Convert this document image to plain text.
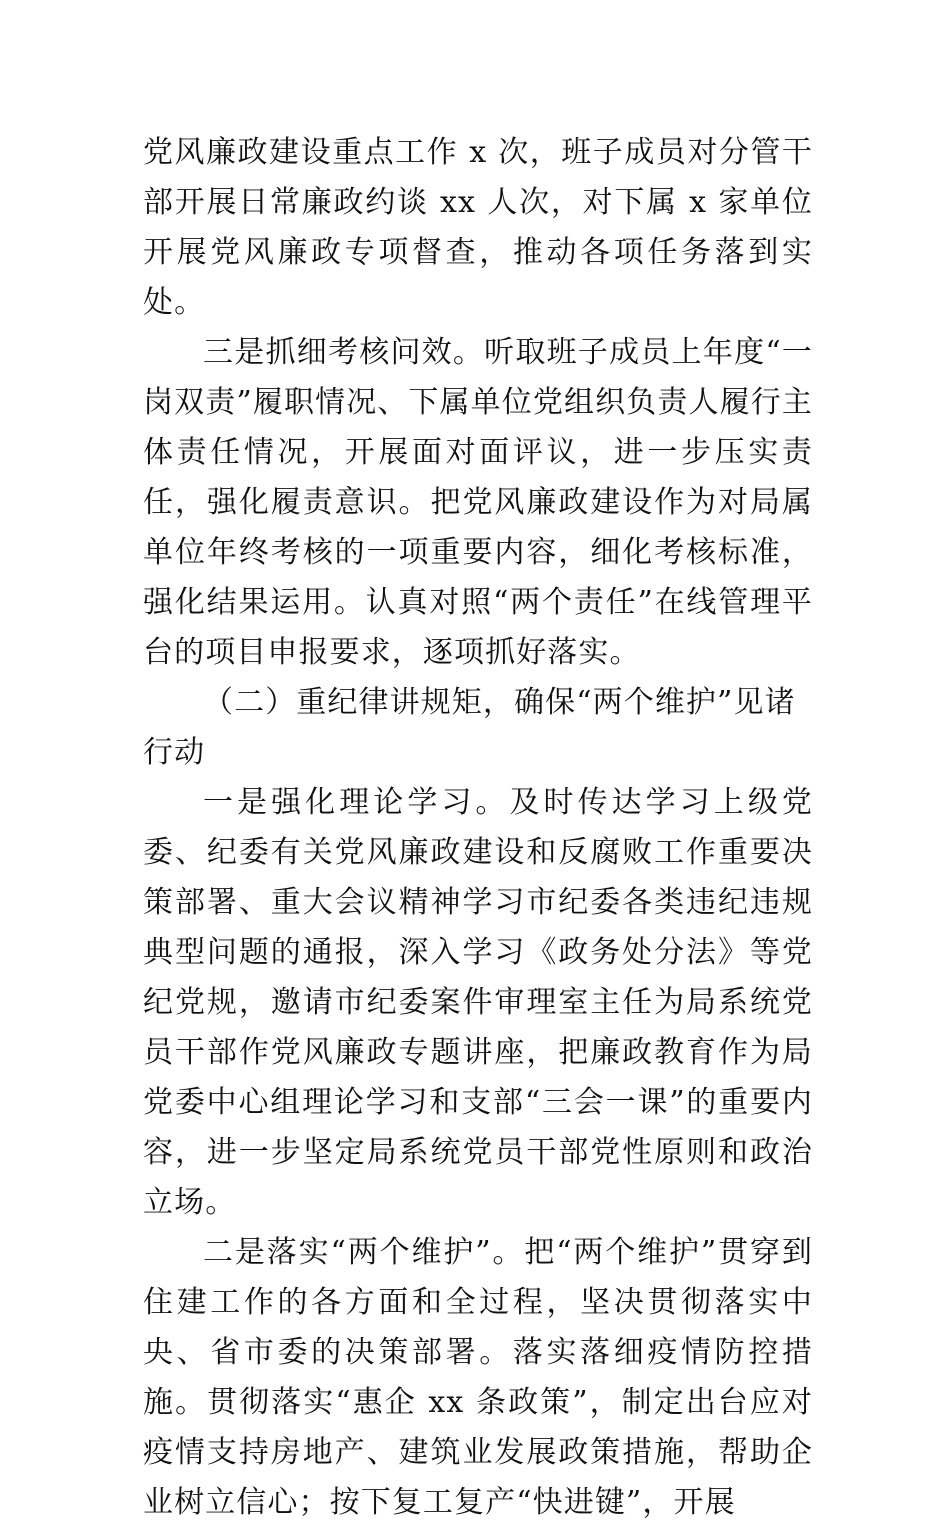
党风廉政建设重点工作 x 次，班子成员对分管干部开展日常廉政约谈 xx 人次，对下属 x 家单位开展党风廉政专项督查，推动各项任务落到实处。

三是抓细考核问效。听取班子成员上年度“一岗双责”履职情况、下属单位党组织负责人履行主体责任情况，开展面对面评议，进一步压实责任，强化履责意识。把党风廉政建设作为对局属单位年终考核的一项重要内容，细化考核标准，强化结果运用。认真对照“两个责任”在线管理平台的项目申报要求，逐项抓好落实。

（二）重纪律讲规矩，确保“两个维护”见诸行动

一是强化理论学习。及时传达学习上级党委、纪委有关党风廉政建设和反腐败工作重要决策部署、重大会议精神学习市纪委各类违纪违规典型问题的通报，深入学习《政务处分法》等党纪党规，邀请市纪委案件审理室主任为局系统党员干部作党风廉政专题讲座，把廉政教育作为局党委中心组理论学习和支部“三会一课”的重要内容，进一步坚定局系统党员干部党性原则和政治立场。

二是落实“两个维护”。把“两个维护”贯穿到住建工作的各方面和全过程，坚决贯彻落实中央、省市委的决策部署。落实落细疫情防控措施。贯彻落实“惠企 xx 条政策”，制定出台应对疫情支持房地产、建筑业发展政策措施，帮助企业树立信心；按下复工复产“快进键”，开展
